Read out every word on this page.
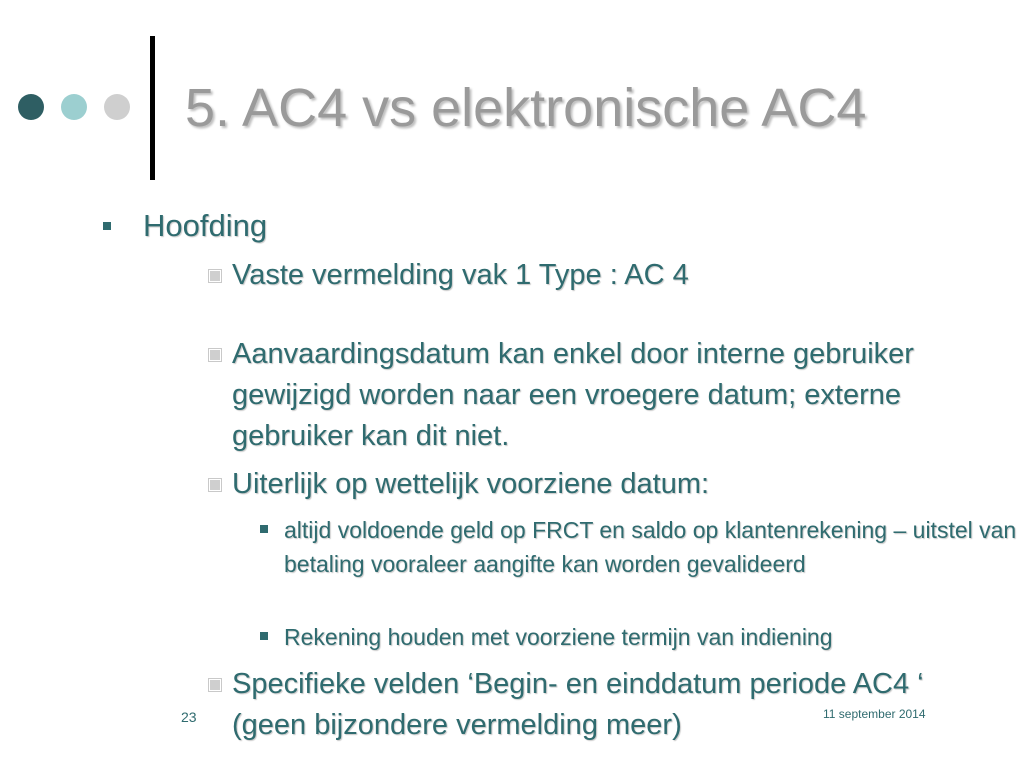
5. AC4 vs elektronische AC4
Hoofding
Vaste vermelding vak 1 Type : AC 4
Aanvaardingsdatum kan enkel door interne gebruiker gewijzigd worden naar een vroegere datum; externe gebruiker kan dit niet.
Uiterlijk op wettelijk voorziene datum:
altijd voldoende geld op FRCT en saldo op klantenrekening – uitstel van betaling vooraleer aangifte kan worden gevalideerd
Rekening houden met voorziene termijn van indiening
Specifieke velden ‘Begin- en einddatum periode AC4 ‘ (geen bijzondere vermelding meer)
23	11 september 2014
